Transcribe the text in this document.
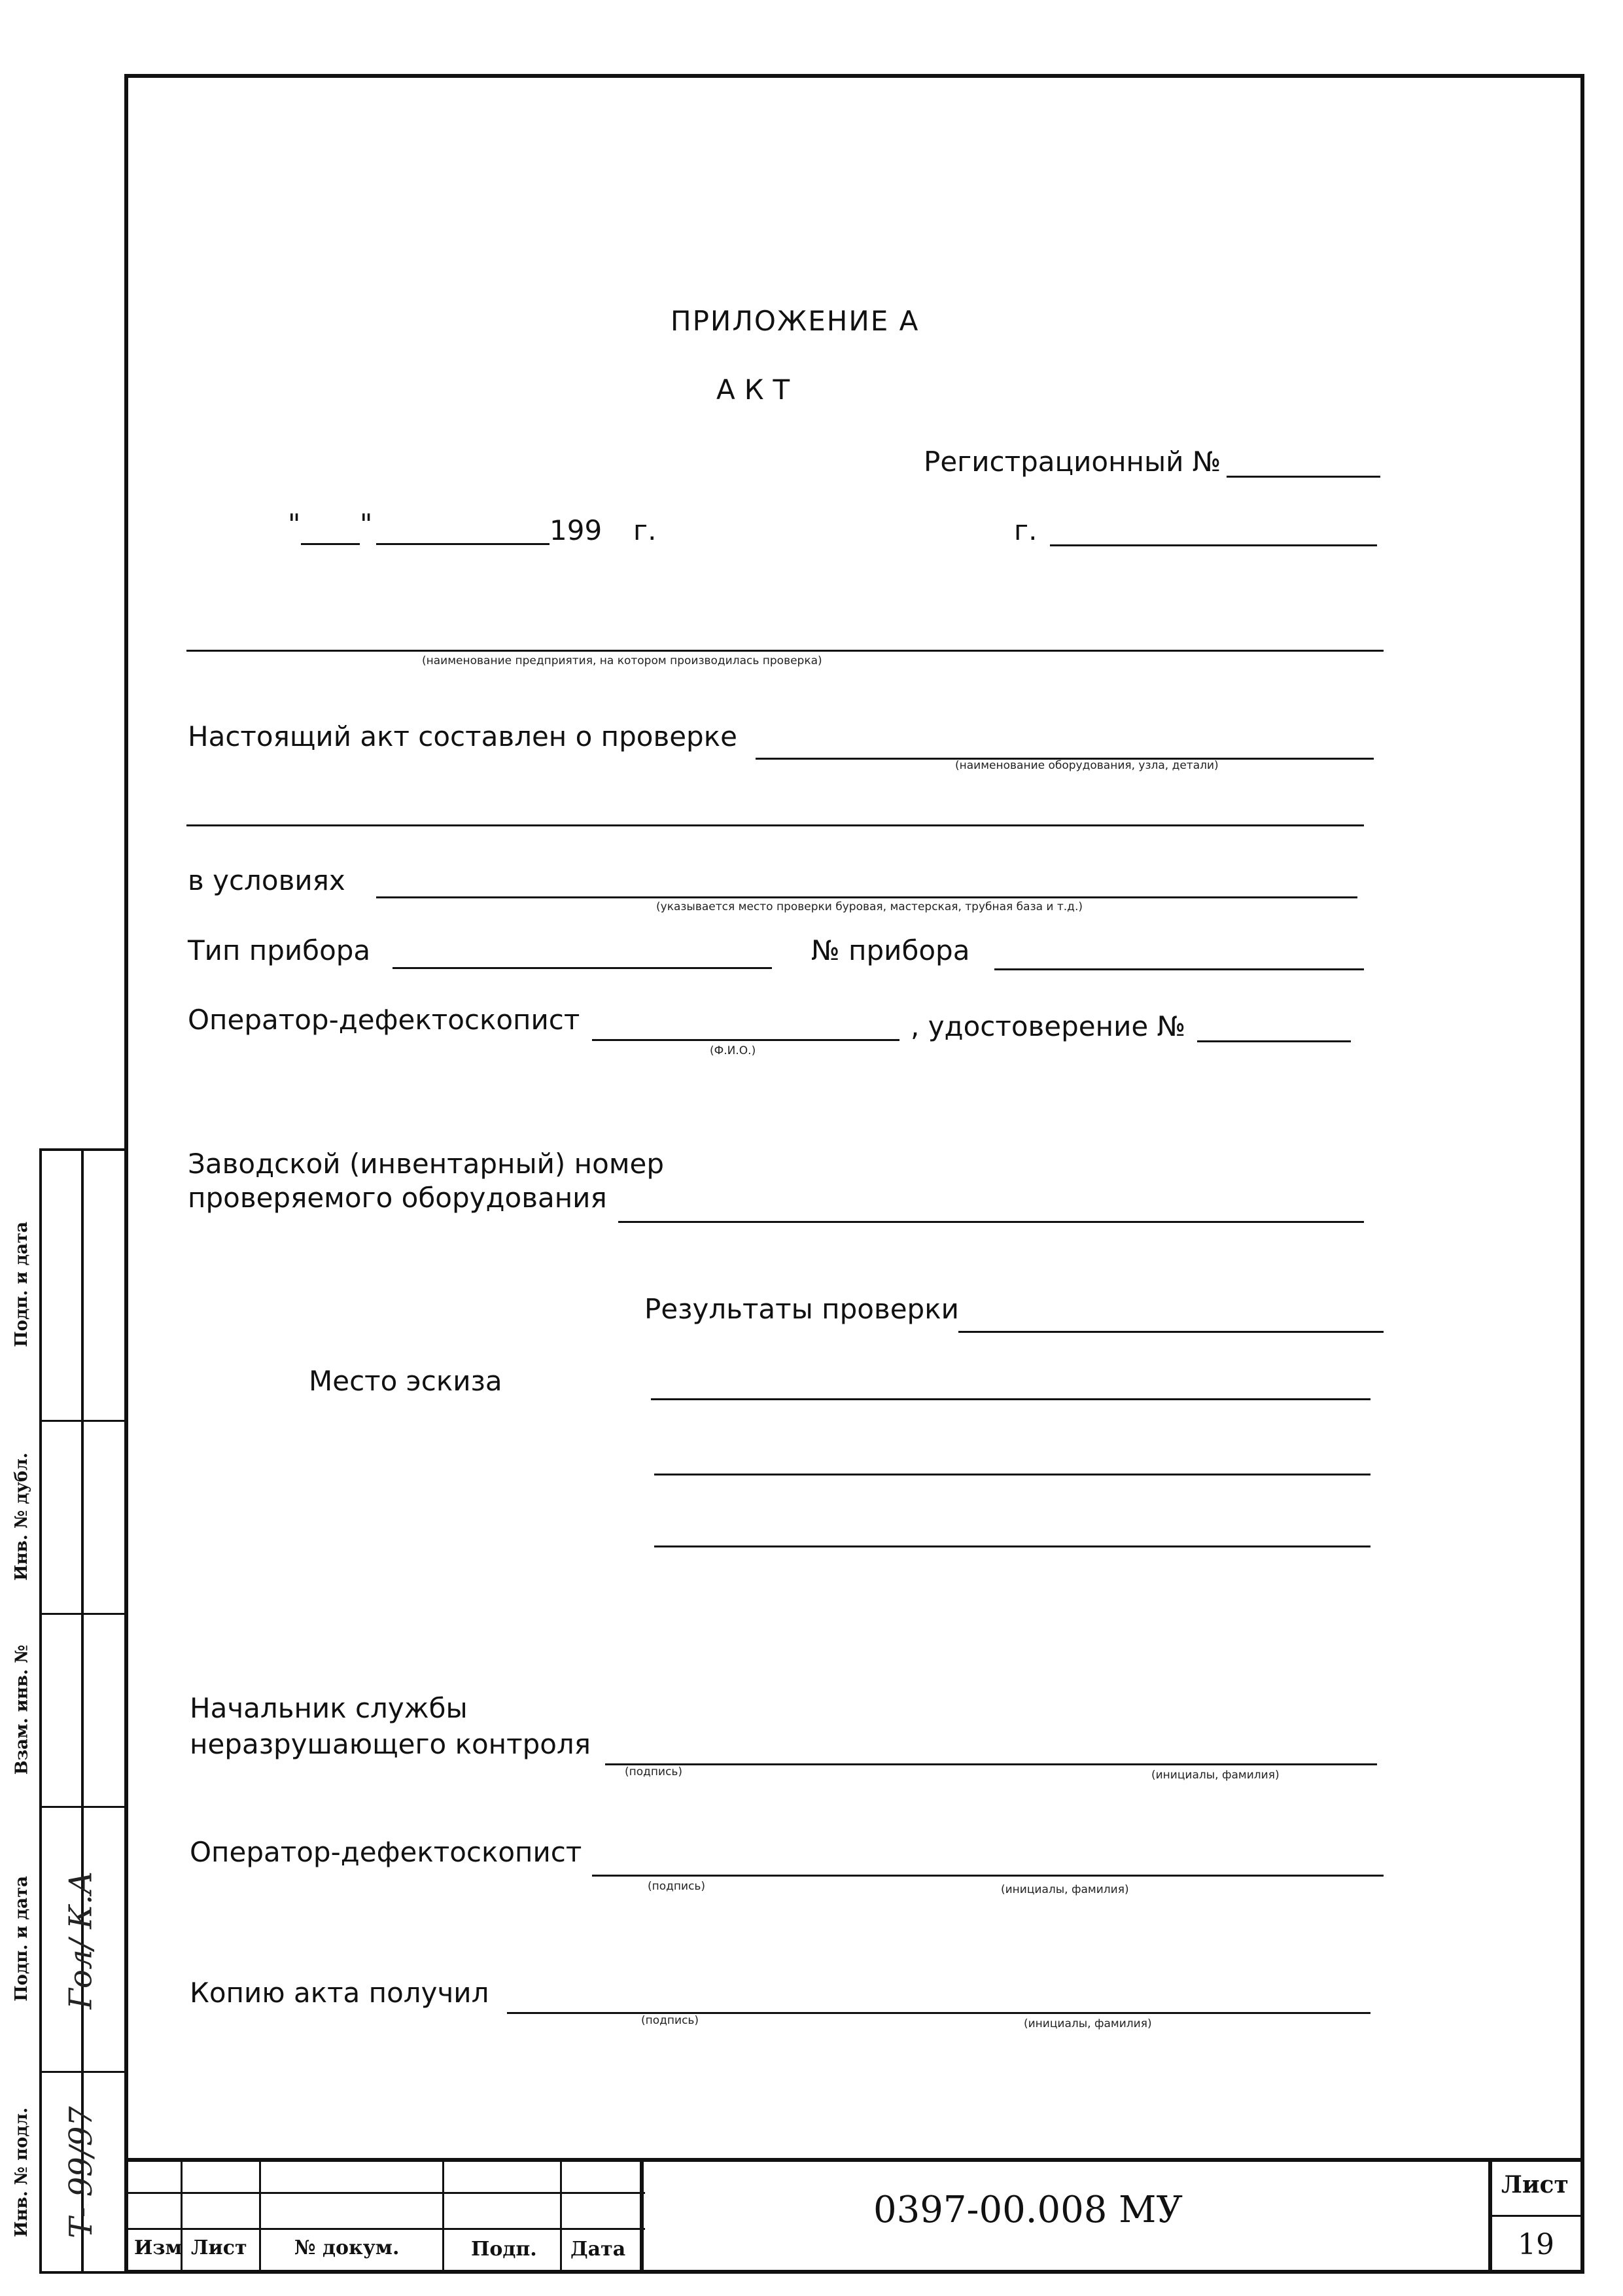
Подп. и дата
Инв. № дубл.
Взам. инв. №
Подп. и дата
Инв. № подл.
Гол/ К.А
Т- 99/97
ПРИЛОЖЕНИЕ А
АКТ
Регистрационный №
" "	199 г.	г.
(наименование предприятия, на котором производилась проверка)
Настоящий акт составлен о проверке
(наименование оборудования, узла, детали)
в условиях
(указывается место проверки буровая, мастерская, трубная база и т.д.)
Тип прибора	№ прибора
Оператор-дефектоскопист
(Ф.И.О.)
, удостоверение №
Заводской (инвентарный) номер
проверяемого оборудования
Результаты проверки
Место эскиза
Начальник службы
неразрушающего контроля
(подпись)	(инициалы, фамилия)
Оператор-дефектоскопист
(подпись)	(инициалы, фамилия)
Копию акта получил
(подпись)	(инициалы, фамилия)
Изм Лист № докум.	Подп. Дата
0397-00.008 МУ
Лист
19
